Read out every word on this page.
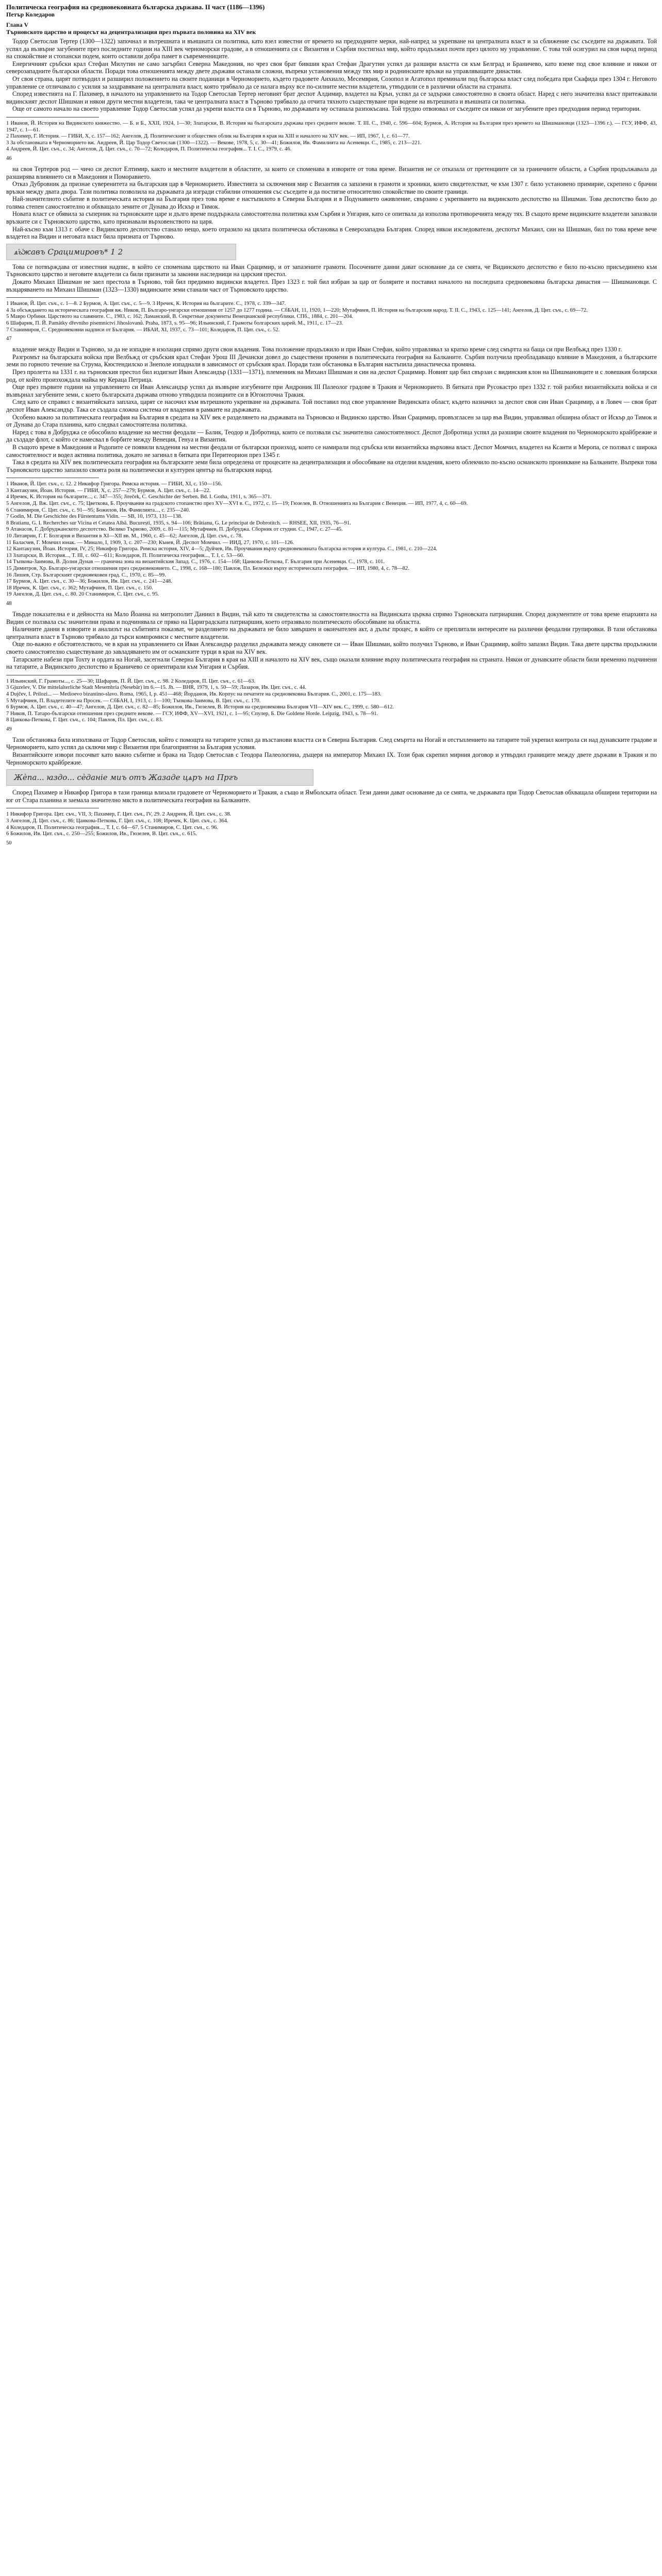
Политическа география на средновековната българска държава. II част (1186—1396)
Петър Коледаров
Глава V
Търновското царство и процесът на децентрализация през първата половина на XIV век

Тодор Светослав Тертер (1300—1322) започнал и вътрешната и външната си политика, като взел известни от времето на предходните мерки, най-напред за укрепване на централната власт и за сближение със съседите на държавата. Той успял да възвърне загубените през последните години на XIII век черноморски градове, а в отношенията си с Византия и Сърбия постигнал мир, който продължил почти през цялото му управление. С това той осигурил на своя народ период на спокойствие и стопански подем, които оставили добра памет в съвременниците.

Енергичният сръбски крал Стефан Милутин не само загърбил Северна Македония, но чрез своя брат бившия крал Стефан Драгутин успял да разшири властта си към Белград и Браничево, като вземе под свое влияние и някои от северозападните български области. Поради това отношенията между двете държави останали сложни, въпреки установения между тях мир и роднинските връзки на управляващите династии.

От своя страна, царят потвърдил и разширил положението на своите поданици в Черноморието, където градовете Анхиало, Месемврия, Созопол и Агатопол преминали под българска власт след победата при Скафида през 1304 г. Неговото управление се отличавало с усилия за заздравяване на централната власт, която трябвало да се налага върху все по-силните местни владетели, утвърдили се в различни области на страната.

Според известията на Г. Пахимер, в началото на управлението на Тодор Светослав Тертер неговият брат деспот Алдимир, владетел на Крън, успял да се задържи самостоятелно в своята област. Наред с него значителна власт притежавали видинският деспот Шишман и някои други местни владетели, така че централната власт в Търново трябвало да отчита тяхното съществуване при водене на вътрешната и външната си политика.

Още от самото начало на своето управление Тодор Светослав успял да укрепи властта си в Търново, но държавата му останала разпокъсана. Той трудно отвоювал от съседите си някои от загубените през предходния период територии.

1 Иванов, Й. История на Видинското княжество. — Б. и Б., XXII, 1924, 1—30; Златарски, В. История на българската държава през средните векове. Т. III. С., 1940, с. 596—604; Бурмов, А. История на България през времето на Шишмановци (1323—1396 г.). — ГСУ, ИФФ, 43, 1947, с. 1—61.

2 Пахимер, Г. История. — ГИБИ, X, с. 157—162; Ангелов, Д. Политическият и обществен облик на България в края на XIII и началото на XIV век. — ИП, 1967, 1, с. 61—77.

3 За обстановката в Черноморието вж. Андреев, Й. Цар Тодор Светослав (1300—1322). — Векове, 1978, 5, с. 30—41; Божилов, Ив. Фамилията на Асеневци. С., 1985, с. 213—221.

4 Андреев, Й. Цит. съч., с. 34; Ангелов, Д. Цит. съч., с. 70—72; Коледаров, П. Политическа география... Т. I. С., 1979, с. 46.

46

на своя Тертеров род — чичо си деспот Елтимир, както и местните владетели в областите, за които се споменава в изворите от това време. Византия не се отказала от претенциите си за граничните области, а Сърбия продължавала да разширява влиянието си в Македония и Поморавието.

Отказ Дубровник да признае суверенитета на българския цар в Черноморието. Известията за сключения мир с Византия са запазени в грамоти и хроники, които свидетелстват, че към 1307 г. било установено примирие, скрепено с брачни връзки между двата двора. Тази политика позволила на държавата да изгради стабилни отношения със съседите и да постигне относително спокойствие по своите граници.

Най-значителното събитие в политическата история на България през това време е настъпилото в Северна България и в Подунавието оживление, свързано с укрепването на видинското деспотство на Шишман. Това деспотство било до голяма степен самостоятелно и обхващало земите от Дунава до Искър и Тимок.

Новата власт се обявила за съперник на търновските царе и дълго време поддържала самостоятелна политика към Сърбия и Унгария, като се опитвала да използва противоречията между тях. В същото време видинските владетели запазвали връзките си с Търновското царство, като признавали върховенството на царя.

Най-късно към 1313 г. обаче с Видинското деспотство станало нещо, което отразило на цялата политическа обстановка в Северозападна България. Според някои изследователи, деспотът Михаил, син на Шишман, бил по това време вече владетел на Видин и неговата власт била призната от Търново.

ѧ҆ъ҆жавъ Срацимировъ* 1 2

Това се потвърждава от известния надпис, в който се споменава царството на Иван Срацимир, и от запазените грамоти. Посочените данни дават основание да се смята, че Видинското деспотство е било по-късно присъединено към Търновското царство и неговите владетели са били признати за законни наследници на царския престол.

Докато Михаил Шишман не заел престола в Търново, той бил предимно видински владетел. През 1323 г. той бил избран за цар от болярите и поставил началото на последната средновековна българска династия — Шишмановци. С възцаряването на Михаил Шишман (1323—1330) видинските земи станали част от Търновското царство.

1 Иванов, Й. Цит. съч., с. 1—8. 2 Бурмов, А. Цит. съч., с. 5—9. 3 Иречек, К. История на българите. С., 1978, с. 339—347.

4 За обсъждането на историческата география вж. Ников, П. Българо-унгарски отношения от 1257 до 1277 година. — СбБАН, 11, 1920, 1—220; Мутафчиев, П. История на българския народ. Т. II. С., 1943, с. 125—141; Ангелов, Д. Цит. съч., с. 69—72.

5 Мавро Орбини. Царството на славяните. С., 1983, с. 162; Ламанский, В. Секретные документы Венецианской республики. СПб., 1884, с. 201—204.

6 Шафарик, П. Й. Památky dřevního písemnictví Jihoslovanů. Praha, 1873, s. 95—96; Ильинский, Г. Грамоты болгарских царей. М., 1911, с. 17—23.

7 Станимиров, С. Средновековни надписи от България. — ИБАИ, XI, 1937, с. 73—101; Коледаров, П. Цит. съч., с. 52.

47

владение между Видин и Търново, за да не изпадне в изолация спрямо други свои владения. Това положение продължило и при Иван Стефан, който управлявал за кратко време след смъртта на баща си при Велбъжд през 1330 г.

Разгромът на българската войска при Велбъжд от сръбския крал Стефан Урош III Дечански довел до съществени промени в политическата география на Балканите. Сърбия получила преобладаващо влияние в Македония, а българските земи по горното течение на Струма, Кюстендилско и Знеполе изпаднали в зависимост от сръбския крал. Поради тази обстановка в България настъпила династическа промяна.

През пролетта на 1331 г. на търновския престол бил издигнат Иван Александър (1331—1371), племенник на Михаил Шишман и син на деспот Срацимир. Новият цар бил свързан с видинския клон на Шишмановците и с ловешкия болярски род, от който произхождала майка му Кераца Петрица.

Още през първите години на управлението си Иван Александър успял да възвърне изгубените при Андроник III Палеолог градове в Тракия и Черноморието. В битката при Русокастро през 1332 г. той разбил византийската войска и си възвърнал загубените земи, с което българската държава отново утвърдила позициите си в Югоизточна Тракия.

След като се справил с византийската заплаха, царят се насочил към вътрешното укрепване на държавата. Той поставил под свое управление Видинската област, където назначил за деспот своя син Иван Срацимир, а в Ловеч — своя брат деспот Иван Александър. Така се създала сложна система от владения в рамките на държавата.

Особено важно за политическата география на България в средата на XIV век е разделянето на държавата на Търновско и Видинско царство. Иван Срацимир, провъзгласен за цар във Видин, управлявал обширна област от Искър до Тимок и от Дунава до Стара планина, като следвал самостоятелна политика.

Наред с това в Добруджа се обособило владение на местни феодали — Балик, Теодор и Добротица, които се ползвали със значителна самостоятелност. Деспот Добротица успял да разшири своите владения по Черноморското крайбрежие и да създаде флот, с който се намесвал в борбите между Венеция, Генуа и Византия.

В същото време в Македония и Родопите се появили владения на местни феодали от български произход, които се намирали под сръбска или византийска върховна власт. Деспот Момчил, владетел на Ксанти и Меропа, се ползвал с широка самостоятелност и водел активна политика, докато не загинал в битката при Перитеорион през 1345 г.

Така в средата на XIV век политическата география на българските земи била определена от процесите на децентрализация и обособяване на отделни владения, което облекчило по-късно османското проникване на Балканите. Въпреки това Търновското царство запазило своята роля на политически и културен център на българския народ.

1 Иванов, Й. Цит. съч., с. 12. 2 Никифор Григора. Римска история. — ГИБИ, XI, с. 150—156.

3 Кантакузин, Йоан. История. — ГИБИ, X, с. 257—279; Бурмов, А. Цит. съч., с. 14—22.

4 Иречек, К. История на българите..., с. 347—355; Jireček, C. Geschichte der Serben. Bd. I. Gotha, 1911, s. 365—371.

5 Ангелов, Д. Вж. Цит. съч., с. 75; Цветкова, Б. Проучвания на градското стопанство през XV—XVI в. С., 1972, с. 15—19; Гюзелев, В. Отношенията на България с Венеция. — ИП, 1977, 4, с. 60—69.

6 Станимиров, С. Цит. съч., с. 91—95; Божилов, Ив. Фамилията..., с. 235—240.

7 Godin, M. Die Geschichte des Fürstentums Vidin. — SB, 10, 1973, 131—138.

8 Bratianu, G. I. Recherches sur Vicina et Cetatea Albă. București, 1935, s. 94—106; Brătianu, G. Le principat de Dobrotitch. — RHSEE, XII, 1935, 76—91.

9 Атанасов, Г. Добруджанското деспотство. Велико Търново, 2009, с. 81—115; Мутафчиев, П. Добруджа. Сборник от студии. С., 1947, с. 27—45.

10 Литаврин, Г. Г. Болгария и Византия в XI—XII вв. М., 1960, с. 45—62; Ангелов, Д. Цит. съч., с. 78.

11 Баласчев, Г. Момчил юнак. — Минало, I, 1909, 3, с. 207—230; Кънев, Й. Деспот Момчил. — ИИД, 27, 1970, с. 101—126.

12 Кантакузин, Йоан. История, IV, 25; Никифор Григора. Римска история, XIV, 4—5; Дуйчев, Ив. Проучвания върху средновековната българска история и култура. С., 1981, с. 210—224.

13 Златарски, В. История..., Т. III, с. 602—611; Коледаров, П. Политическа география..., Т. I, с. 53—60.

14 Тъпкова-Заимова, В. Долни Дунав — гранична зона на византийския Запад. С., 1976, с. 154—168; Цанкова-Петкова, Г. България при Асеневци. С., 1978, с. 101.

15 Димитров, Хр. Българо-унгарски отношения през средновековието. С., 1998, с. 168—180; Павлов, Пл. Бележки върху историческата география. — ИП, 1980, 4, с. 78—82.

16 Лишев, Стр. Българският средновековен град. С., 1970, с. 85—99.

17 Бурмов, А. Цит. съч., с. 30—36; Божилов, Ив. Цит. съч., с. 241—248.

18 Иречек, К. Цит. съч., с. 362; Мутафчиев, П. Цит. съч., с. 150.

19 Ангелов, Д. Цит. съч., с. 80. 20 Станимиров, С. Цит. съч., с. 95.

48

Твърде показателна е и дейността на Мало Йоанна на митрополит Даниил в Видин, тъй като тя свидетелства за самостоятелността на Видинската църква спрямо Търновската патриаршия. Според документите от това време епархията на Видин се ползвала със значителни права и подчинявала се пряко на Цариградската патриаршия, което отразявало политическото обособяване на областта.

Наличните данни в изворите и анализът на събитията показват, че разделянето на държавата не било завършен и окончателен акт, а дълъг процес, в който се преплитали интересите на различни феодални групировки. В тази обстановка централната власт в Търново трябвало да търси компромиси с местните владетели.

Още по-важно е обстоятелството, че в края на управлението си Иван Александър разделил държавата между синовете си — Иван Шишман, който получил Търново, и Иван Срацимир, който запазил Видин. Така двете царства продължили своето самостоятелно съществуване до завладяването им от османските турци в края на XIV век.

Татарските набези при Тохту и ордата на Ногай, засегнали Северна България в края на XIII и началото на XIV век, също оказали влияние върху политическата география на страната. Някои от дунавските области били временно подчинени на татарите, а Видинското деспотство и Браничево се ориентирали към Унгария и Сърбия.

1 Ильинский, Г. Грамоты..., с. 25—30; Шафарик, П. Й. Цит. съч., с. 98. 2 Коледаров, П. Цит. съч., с. 61—63.

3 Gjuzelev, V. Die mittelalterliche Stadt Mesembria (Nesebăr) im 6.—15. Jh. — BHR, 1979, 1, s. 50—59; Лазаров, Ив. Цит. съч., с. 44.

4 Dujčev, I. Prilozi... — Medioevo bizantino-slavo. Roma, 1965, I, p. 451—468; Йорданов, Ив. Корпус на печатите на средновековна България. С., 2001, с. 175—183.

5 Мутафчиев, П. Владетелите на Просек. — СбБАН, I, 1913, с. 1—100; Тъпкова-Заимова, В. Цит. съч., с. 170.

6 Бурмов, А. Цит. съч., с. 40—47; Ангелов, Д. Цит. съч., с. 82—85; Божилов, Ив., Гюзелев, В. История на средновековна България VII—XIV век. С., 1999, с. 580—612.

7 Ников, П. Татаро-български отношения през средните векове. — ГСУ, ИФФ, XV—XVI, 1921, с. 1—95; Спулер, Б. Die Goldene Horde. Leipzig, 1943, s. 78—91.

8 Цанкова-Петкова, Г. Цит. съч., с. 104; Павлов, Пл. Цит. съч., с. 83.

49

Тази обстановка била използвана от Тодор Светослав, който с помощта на татарите успял да възстанови властта си в Северна България. След смъртта на Ногай и отстъплението на татарите той укрепил контрола си над дунавските градове и Черноморието, като успял да сключи мир с Византия при благоприятни за България условия.

Византийските извори посочват като важно събитие и брака на Тодор Светослав с Теодора Палеологина, дъщеря на император Михаил IX. Този брак скрепил мирния договор и утвърдил границите между двете държави в Тракия и по Черноморското крайбрежие.

Жѐпа... ꙗздо... сѐданіе миъ отъ Жазаде цѧръ на Пргъ

Според Пахимер и Никифор Григора в тази граница влизали градовете от Черноморието и Тракия, а също и Ямболската област. Тези данни дават основание да се смята, че държавата при Тодор Светослав обхващала обширни територии на юг от Стара планина и заемала значително място в политическата география на Балканите.

1 Никифор Григора. Цит. съч., VII, 3; Пахимер, Г. Цит. съч., IV, 29. 2 Андреев, Й. Цит. съч., с. 38.

3 Ангелов, Д. Цит. съч., с. 86; Цанкова-Петкова, Г. Цит. съч., с. 108; Иречек, К. Цит. съч., с. 364.

4 Коледаров, П. Политическа география..., Т. I, с. 64—67. 5 Станимиров, С. Цит. съч., с. 96.

6 Божилов, Ив. Цит. съч., с. 250—255; Божилов, Ив., Гюзелев, В. Цит. съч., с. 615.

50
